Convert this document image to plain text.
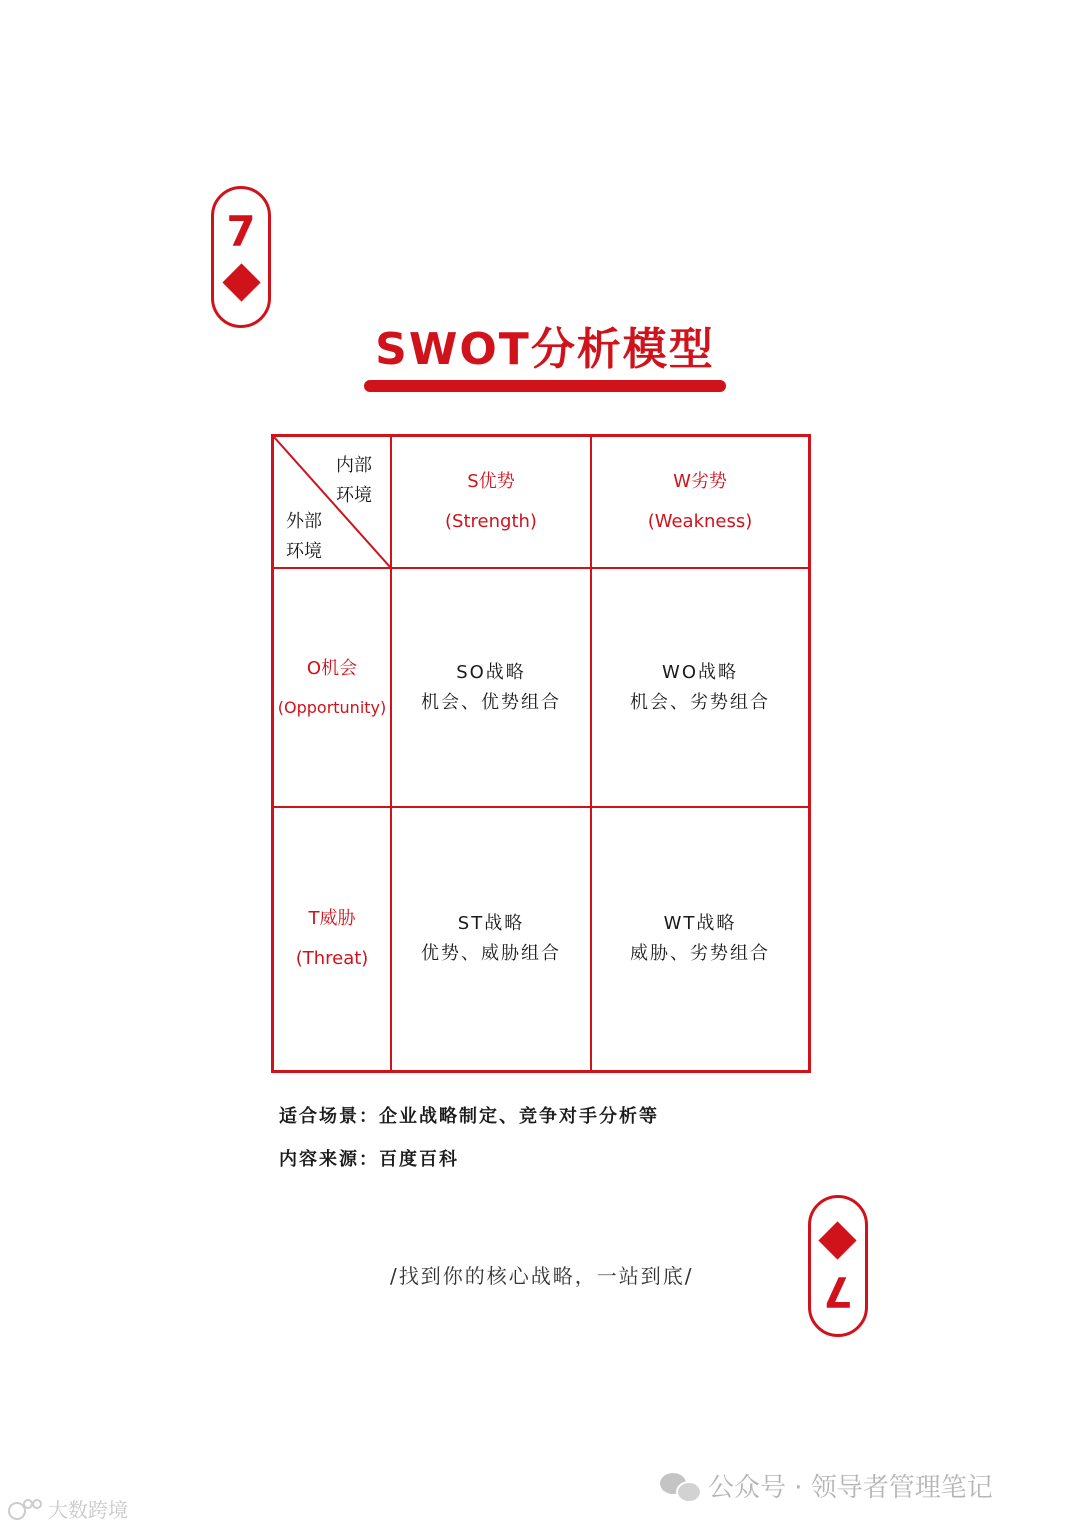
7
SWOT分析模型
内部
环境
外部
环境
S优势
(Strength)
W劣势
(Weakness)
O机会
(Opportunity)
T威胁
(Threat)
SO战略
机会、优势组合
WO战略
机会、劣势组合
ST战略
优势、威胁组合
WT战略
威胁、劣势组合
适合场景：企业战略制定、竞争对手分析等
内容来源：百度百科
7
/找到你的核心战略，一站到底/
大数跨境
公众号 · 领导者管理笔记
